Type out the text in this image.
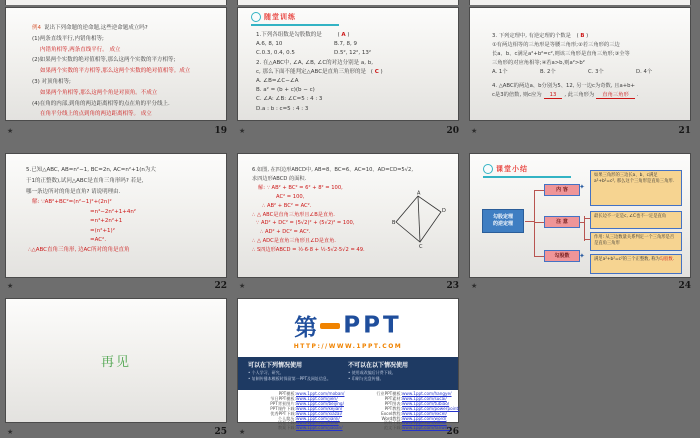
例4 说出下列命题的逆命题,这些逆命题成立吗?
(1)两条直线平行,内错角相等;
内错角相等,两条直线平行。 成立
(2)如果两个实数的绝对值相等,那么这两个实数的平方相等;
如果两个实数的平方相等,那么这两个实数的绝对值相等。成立
(3) 对顶角相等;
如果两个角相等,那么这两个角是对顶角。不成立
(4)在角的内部,到角的两边距离相等的点在角的平分线上.
在角平分线上的点到角的两边距离相等。 成立
★	19
随堂训练
1.下列各组数是勾股数的是	( A )
A.6, 8, 10	B.7, 8, 9
C.0.3, 0.4, 0.5	D.5², 12², 13²
2. 在△ABC中, ∠A, ∠B, ∠C的对边分别是 a, b,
c, 那么下面不能判定△ABC是直角三角形的是 ( C )
A. ∠B=∠C−∠A
B. a² = (b + c)(b − c)
C. ∠A: ∠B: ∠C=5 : 4 : 3
D.a : b : c=5 : 4 : 3
★	20
3. 下列定理中, 有逆定理的个数是 ( B )
①有两边相等的三角形是等腰三角形;②若三角形的三边
长a、b、c满足a²+b²=c²,则该三角形是直角三角形;③全等
三角形的对应角相等;④若a>b,则a²>b²
A. 1个	B. 2个	C. 3个	D. 4个
4. △ABC的两边a、b分别为5、12, 另一边c为奇数, 且a+b+
c是3的倍数, 则c应为 13 , 此三角形为 直角三角形 .
★	21
5.已知△ABC, AB=n²−1, BC=2n, AC=n²+1(n为大
于1的正整数),试问△ABC是直角三角形吗? 若是,
哪一条边所对的角是直角? 请说明理由.
解: ∵AB²+BC²=(n²−1)²+(2n)²
=n⁴−2n²+1+4n²
=n⁴+2n²+1
=(n²+1)²
=AC².
∴△ABC直角三角形, 边AC所对的角是直角
★	22
6.如图, 在四边形ABCD中, AB=8、BC=6、AC=10、AD=CD=5√2,
求四边形ABCD 的面积.
解: ∵ AB² + BC² = 6² + 8² = 100,
AC² = 100,
∴ AB² + BC² = AC².
∴ △ ABC是直角三角形且∠B是直角.
∵ AD² + DC² = (5√2)² + (5√2)² = 100,
∴ AD² + DC² = AC².
∴ △ ADC是直角三角形且∠D是直角.
∴ S四边形ABCD = ½·6·8 + ½·5√2·5√2 = 49.
A
B
C
D
★	23
课堂小结
勾股定理
的逆定理
内 容
注 意
勾股数
✦
✦
如果三角形的三边长a、b、c满足a²+b²=c², 那么这个三角形是直角三角形.
最长边不一定是c, ∠C也不一定是直角
作用: 从三边数量关系判定一个三角形是否是直角三角形
满足a²+b²=c²的三个正整数, 称为勾股数.
★	24
再见
★	25
第 PPT
HTTP://WWW.1PPT.COM
可以在下列情况使用
• 个人学习、研究。
• 复制传播本模板时保留第一PPT及网址信息。
不可以在以下情况使用
• 使用或改编后计费下载。
• 印刷与光盘传播。
PPT模板:www.1ppt.com/moban/
节日PPT模板:www.1ppt.com/jieri/
PPT背景图片:www.1ppt.com/beijing/
PPT课件下载:www.1ppt.com/kejian/
优秀PPT下载:www.1ppt.com/xiazai/
个人简历:www.1ppt.com/jianli/
试卷下载:www.1ppt.com/shiti/
教案下载:www.1ppt.com/jiaoan/
行业PPT模板:www.1ppt.com/hangye/
PPT素材:www.1ppt.com/sucai/
PPT图表:www.1ppt.com/tubiao/
PPT教程:www.1ppt.com/powerpoint/
Excel教程:www.1ppt.com/excel/
Word教程:www.1ppt.com/word/
资料下载:www.1ppt.com/ziliao/
范文下载:www.1ppt.com/fanwen/
★	26
